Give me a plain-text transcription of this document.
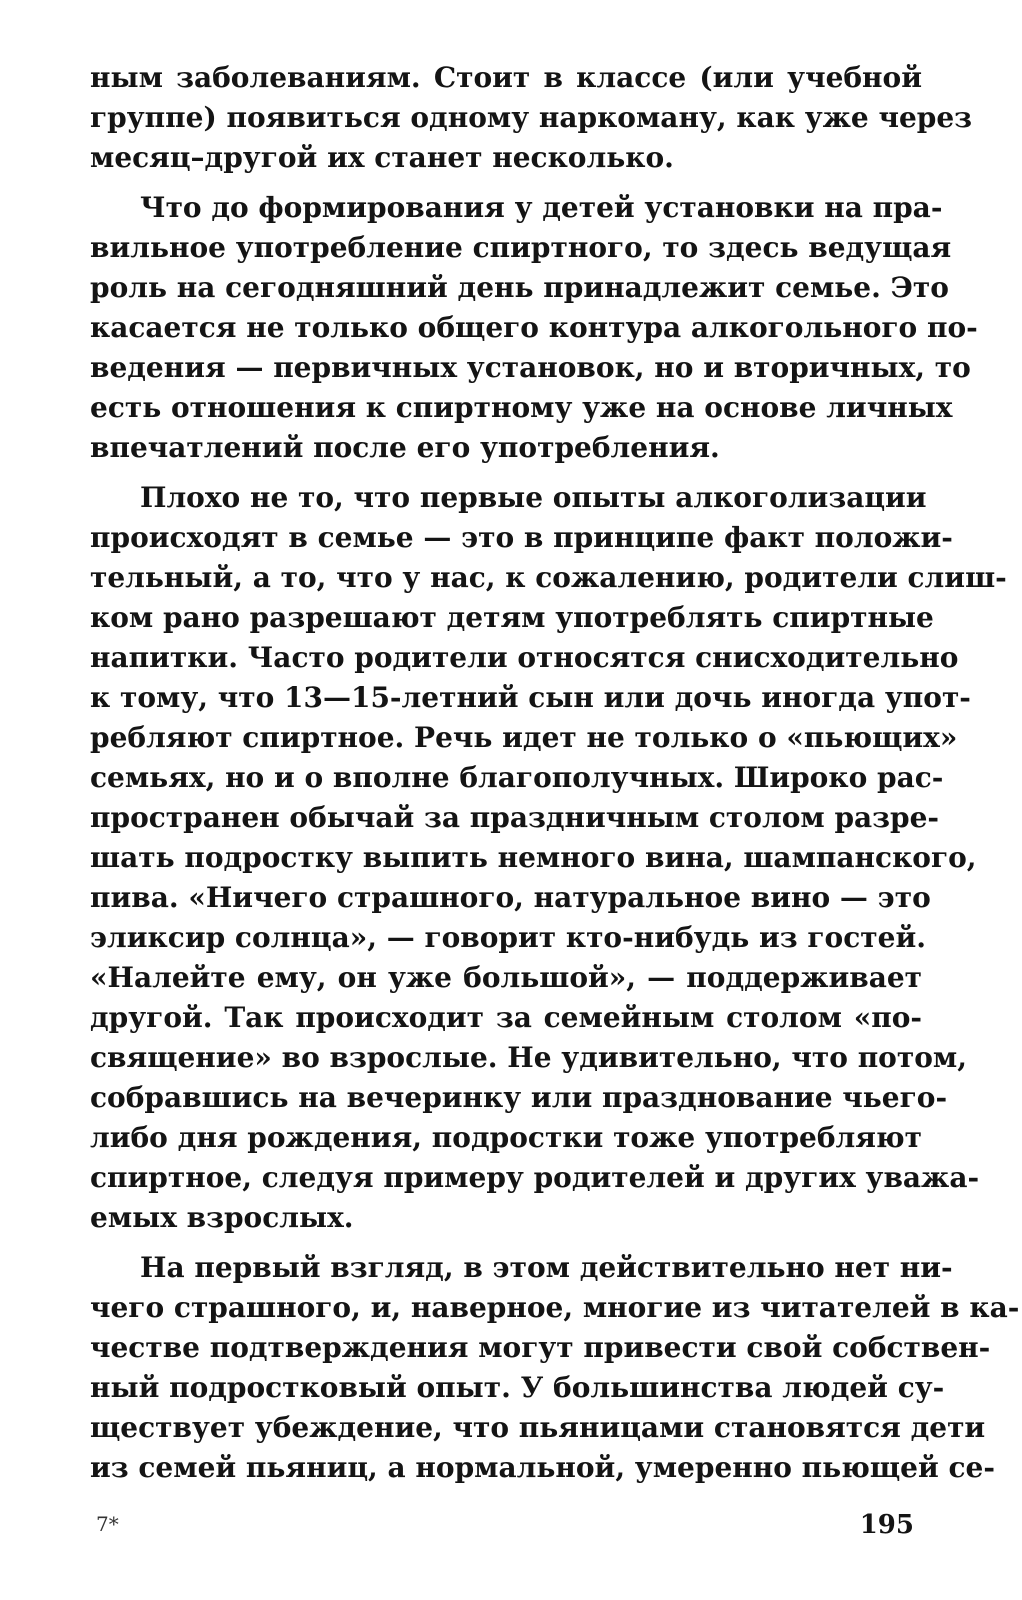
ным заболеваниям. Стоит в классе (или учебной
группе) появиться одному наркоману, как уже через
месяц–другой их станет несколько.
Что до формирования у детей установки на пра-
вильное употребление спиртного, то здесь ведущая
роль на сегодняшний день принадлежит семье. Это
касается не только общего контура алкогольного по-
ведения — первичных установок, но и вторичных, то
есть отношения к спиртному уже на основе личных
впечатлений после его употребления.
Плохо не то, что первые опыты алкоголизации
происходят в семье — это в принципе факт положи-
тельный, а то, что у нас, к сожалению, родители слиш-
ком рано разрешают детям употреблять спиртные
напитки. Часто родители относятся снисходительно
к тому, что 13—15-летний сын или дочь иногда упот-
ребляют спиртное. Речь идет не только о «пьющих»
семьях, но и о вполне благополучных. Широко рас-
пространен обычай за праздничным столом разре-
шать подростку выпить немного вина, шампанского,
пива. «Ничего страшного, натуральное вино — это
эликсир солнца», — говорит кто-нибудь из гостей.
«Налейте ему, он уже большой», — поддерживает
другой. Так происходит за семейным столом «по-
священие» во взрослые. Не удивительно, что потом,
собравшись на вечеринку или празднование чьего-
либо дня рождения, подростки тоже употребляют
спиртное, следуя примеру родителей и других уважа-
емых взрослых.
На первый взгляд, в этом действительно нет ни-
чего страшного, и, наверное, многие из читателей в ка-
честве подтверждения могут привести свой собствен-
ный подростковый опыт. У большинства людей су-
ществует убеждение, что пьяницами становятся дети
из семей пьяниц, а нормальной, умеренно пьющей се-
7*	195
